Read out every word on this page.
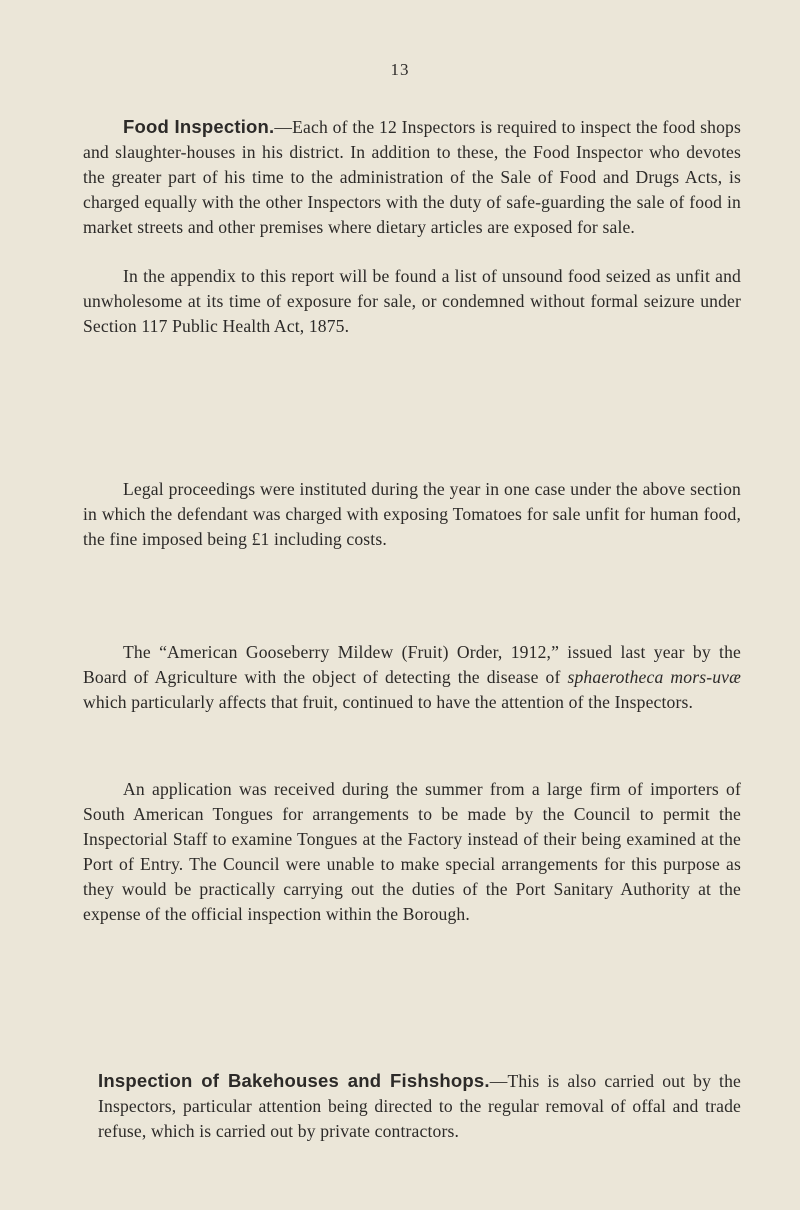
13
Food Inspection.—Each of the 12 Inspectors is required to inspect the food shops and slaughter-houses in his district. In addition to these, the Food Inspector who devotes the greater part of his time to the administration of the Sale of Food and Drugs Acts, is charged equally with the other Inspectors with the duty of safe-guarding the sale of food in market streets and other premises where dietary articles are exposed for sale.
In the appendix to this report will be found a list of unsound food seized as unfit and unwholesome at its time of exposure for sale, or condemned without formal seizure under Section 117 Public Health Act, 1875.
Legal proceedings were instituted during the year in one case under the above section in which the defendant was charged with exposing Tomatoes for sale unfit for human food, the fine imposed being £1 including costs.
The “American Gooseberry Mildew (Fruit) Order, 1912,” issued last year by the Board of Agriculture with the object of detecting the disease of sphaerotheca mors-uvæ which particularly affects that fruit, continued to have the attention of the Inspectors.
An application was received during the summer from a large firm of importers of South American Tongues for arrangements to be made by the Council to permit the Inspectorial Staff to examine Tongues at the Factory instead of their being examined at the Port of Entry. The Council were unable to make special arrangements for this purpose as they would be practically carrying out the duties of the Port Sanitary Authority at the expense of the official inspection within the Borough.
Inspection of Bakehouses and Fishshops.—This is also carried out by the Inspectors, particular attention being directed to the regular removal of offal and trade refuse, which is carried out by private contractors.
